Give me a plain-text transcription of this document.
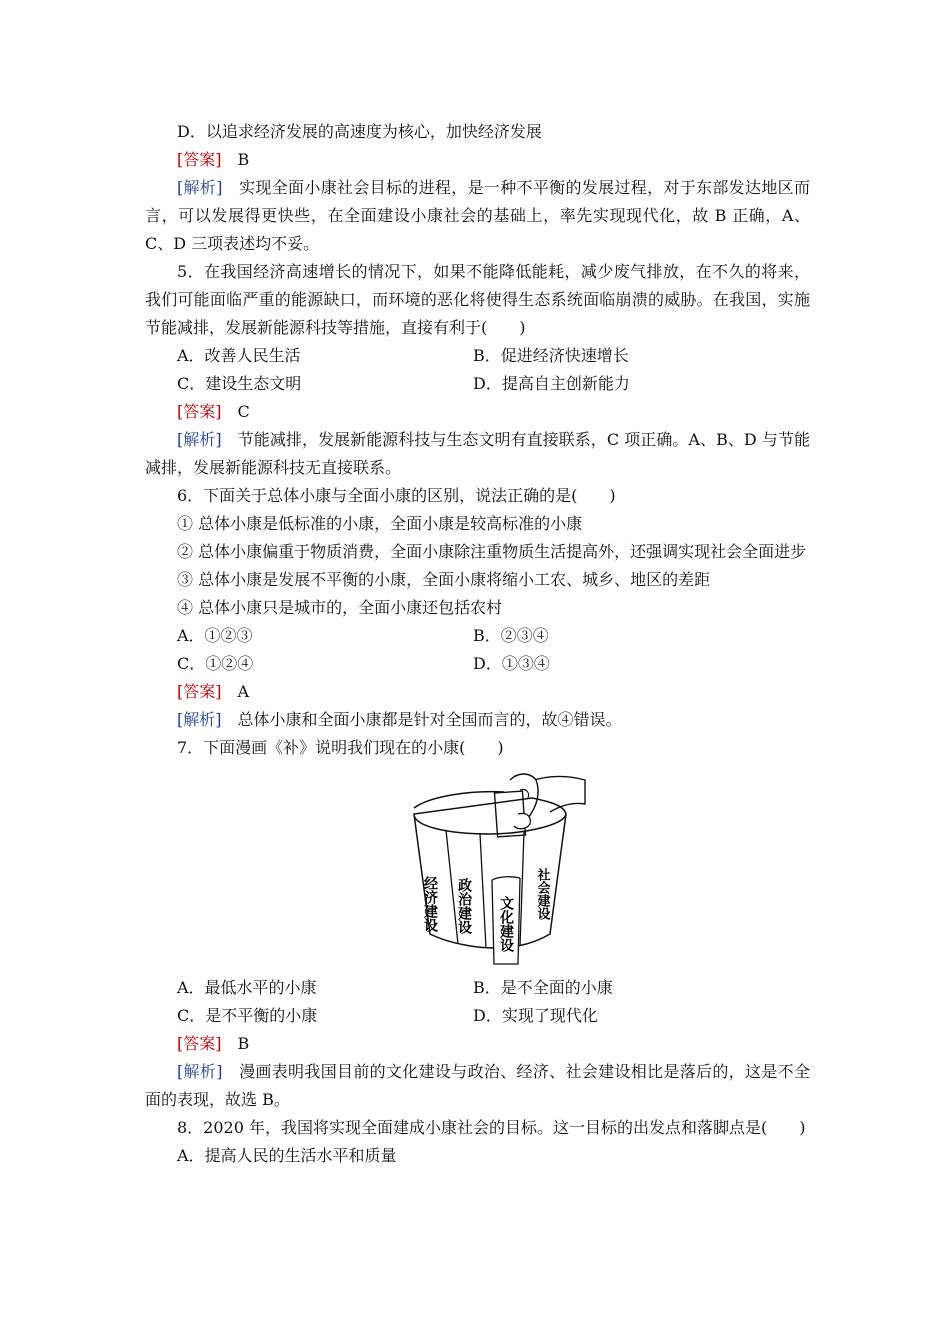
D．以追求经济发展的高速度为核心，加快经济发展

[答案]　 B

[解析]　 实现全面小康社会目标的进程，是一种不平衡的发展过程，对于东部发达地区而言，可以发展得更快些，在全面建设小康社会的基础上，率先实现现代化，故 B 正确，A、C、D 三项表述均不妥。

5．在我国经济高速增长的情况下，如果不能降低能耗，减少废气排放，在不久的将来，我们可能面临严重的能源缺口，而环境的恶化将使得生态系统面临崩溃的威胁。在我国，实施节能减排，发展新能源科技等措施，直接有利于(　　)

A．改善人民生活	B．促进经济快速增长
C．建设生态文明	D．提高自主创新能力

[答案]　 C

[解析]　 节能减排，发展新能源科技与生态文明有直接联系，C 项正确。A、B、D 与节能减排，发展新能源科技无直接联系。

6．下面关于总体小康与全面小康的区别，说法正确的是(　　)

① 总体小康是低标准的小康，全面小康是较高标准的小康

② 总体小康偏重于物质消费，全面小康除注重物质生活提高外，还强调实现社会全面进步

③ 总体小康是发展不平衡的小康，全面小康将缩小工农、城乡、地区的差距

④ 总体小康只是城市的，全面小康还包括农村

A．①②③	B．②③④
C．①②④	D．①③④

[答案]　 A

[解析]　 总体小康和全面小康都是针对全国而言的，故④错误。

7．下面漫画《补》说明我们现在的小康(　　)

经济建设 政治建设 文化建设
社会建设
A．最低水平的小康	B．是不全面的小康
C．是不平衡的小康	D．实现了现代化

[答案]　 B

[解析]　 漫画表明我国目前的文化建设与政治、经济、社会建设相比是落后的，这是不全面的表现，故选 B。

8．2020 年，我国将实现全面建成小康社会的目标。这一目标的出发点和落脚点是(　　)

A．提高人民的生活水平和质量
